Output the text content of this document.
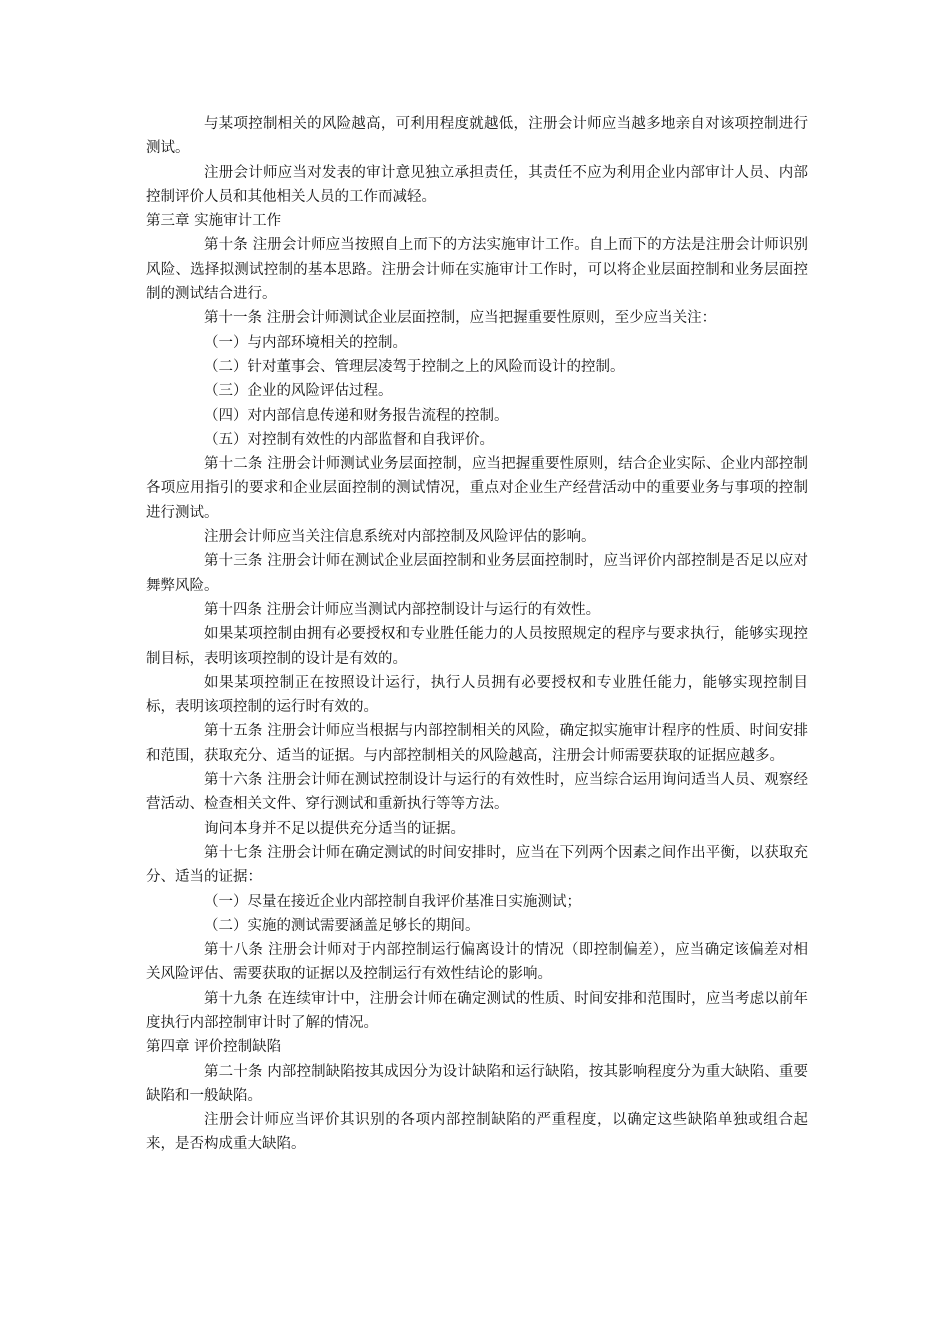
与某项控制相关的风险越高，可利用程度就越低，注册会计师应当越多地亲自对该项控制进行测试。

注册会计师应当对发表的审计意见独立承担责任，其责任不应为利用企业内部审计人员、内部控制评价人员和其他相关人员的工作而减轻。

第三章 实施审计工作

第十条 注册会计师应当按照自上而下的方法实施审计工作。自上而下的方法是注册会计师识别风险、选择拟测试控制的基本思路。注册会计师在实施审计工作时，可以将企业层面控制和业务层面控制的测试结合进行。

第十一条 注册会计师测试企业层面控制，应当把握重要性原则，至少应当关注：

（一）与内部环境相关的控制。

（二）针对董事会、管理层凌驾于控制之上的风险而设计的控制。

（三）企业的风险评估过程。

（四）对内部信息传递和财务报告流程的控制。

（五）对控制有效性的内部监督和自我评价。

第十二条 注册会计师测试业务层面控制，应当把握重要性原则，结合企业实际、企业内部控制各项应用指引的要求和企业层面控制的测试情况，重点对企业生产经营活动中的重要业务与事项的控制进行测试。

注册会计师应当关注信息系统对内部控制及风险评估的影响。

第十三条 注册会计师在测试企业层面控制和业务层面控制时，应当评价内部控制是否足以应对舞弊风险。

第十四条 注册会计师应当测试内部控制设计与运行的有效性。

如果某项控制由拥有必要授权和专业胜任能力的人员按照规定的程序与要求执行，能够实现控制目标，表明该项控制的设计是有效的。

如果某项控制正在按照设计运行，执行人员拥有必要授权和专业胜任能力，能够实现控制目标，表明该项控制的运行时有效的。

第十五条 注册会计师应当根据与内部控制相关的风险，确定拟实施审计程序的性质、时间安排和范围，获取充分、适当的证据。与内部控制相关的风险越高，注册会计师需要获取的证据应越多。

第十六条 注册会计师在测试控制设计与运行的有效性时，应当综合运用询问适当人员、观察经营活动、检查相关文件、穿行测试和重新执行等等方法。

询问本身并不足以提供充分适当的证据。

第十七条 注册会计师在确定测试的时间安排时，应当在下列两个因素之间作出平衡，以获取充分、适当的证据：

（一）尽量在接近企业内部控制自我评价基准日实施测试；

（二）实施的测试需要涵盖足够长的期间。

第十八条 注册会计师对于内部控制运行偏离设计的情况（即控制偏差），应当确定该偏差对相关风险评估、需要获取的证据以及控制运行有效性结论的影响。

第十九条 在连续审计中，注册会计师在确定测试的性质、时间安排和范围时，应当考虑以前年度执行内部控制审计时了解的情况。

第四章 评价控制缺陷

第二十条 内部控制缺陷按其成因分为设计缺陷和运行缺陷，按其影响程度分为重大缺陷、重要缺陷和一般缺陷。

注册会计师应当评价其识别的各项内部控制缺陷的严重程度，以确定这些缺陷单独或组合起来，是否构成重大缺陷。
